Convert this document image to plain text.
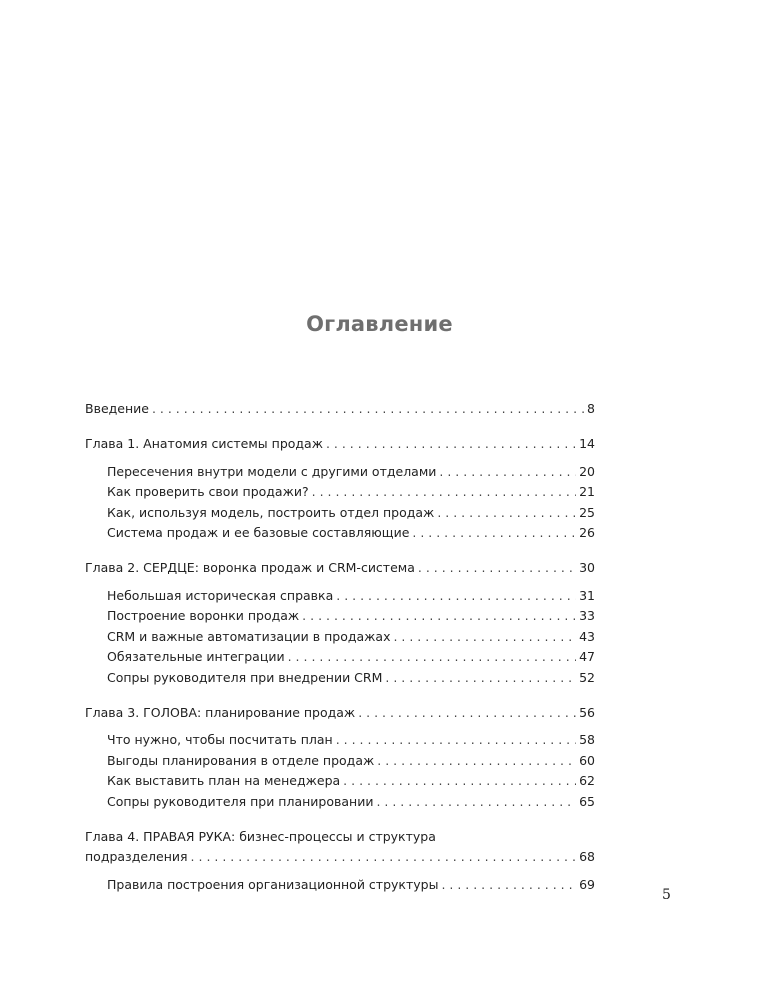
Оглавление
Введение . . .	8
Глава 1. Анатомия системы продаж . . .	14
Пересечения внутри модели с другими отделами . . .	20
Как проверить свои продажи? . . .	21
Как, используя модель, построить отдел продаж . . .	25
Система продаж и ее базовые составляющие . . .	26
Глава 2. СЕРДЦЕ: воронка продаж и CRM-система . . .	30
Небольшая историческая справка . . .	31
Построение воронки продаж . . .	33
CRM и важные автоматизации в продажах . . .	43
Обязательные интеграции . . .	47
Сопры руководителя при внедрении CRM . . .	52
Глава 3. ГОЛОВА: планирование продаж . . .	56
Что нужно, чтобы посчитать план . . .	58
Выгоды планирования в отделе продаж . . .	60
Как выставить план на менеджера . . .	62
Сопры руководителя при планировании . . .	65
Глава 4. ПРАВАЯ РУКА: бизнес-процессы и структура
подразделения . . .	68
Правила построения организационной структуры . . .	69
5
